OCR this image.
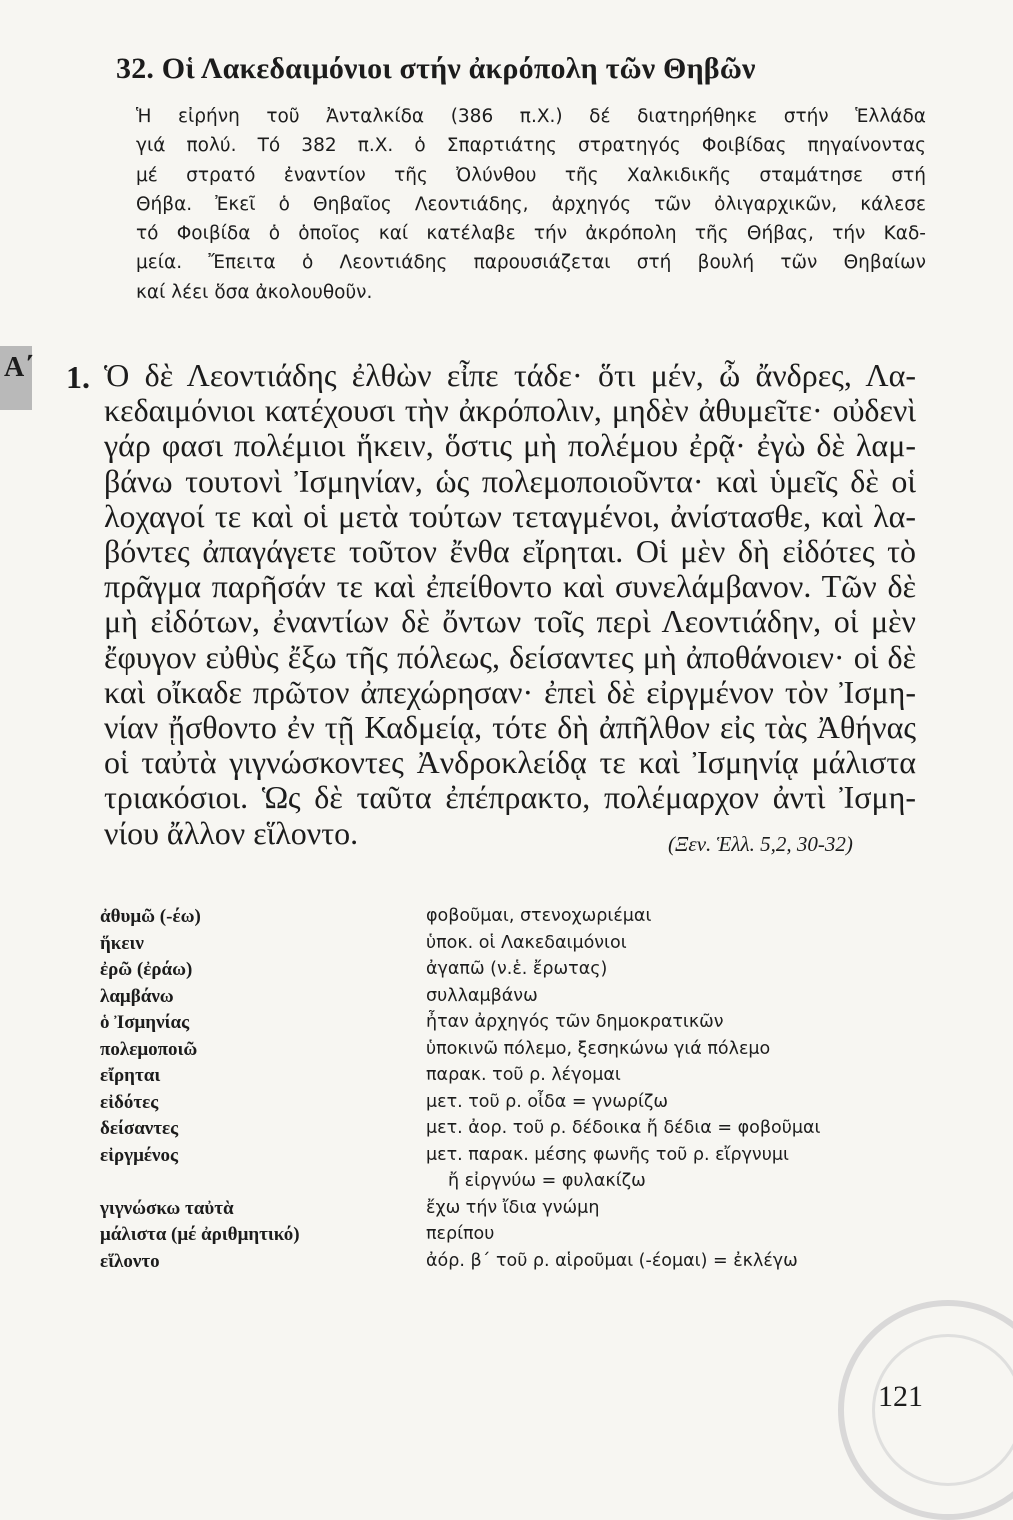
32. Οἱ Λακεδαιμόνιοι στήν ἀκρόπολη τῶν Θηβῶν
Ἡ εἰρήνη τοῦ Ἀνταλκίδα (386 π.Χ.) δέ διατηρήθηκε στήν Ἑλλάδα
γιά πολύ. Τό 382 π.Χ. ὁ Σπαρτιάτης στρατηγός Φοιβίδας πηγαίνοντας
μέ στρατό ἐναντίον τῆς Ὀλύνθου τῆς Χαλκιδικῆς σταμάτησε στή
Θήβα. Ἐκεῖ ὁ Θηβαῖος Λεοντιάδης, ἀρχηγός τῶν ὀλιγαρχικῶν, κάλεσε
τό Φοιβίδα ὁ ὁποῖος καί κατέλαβε τήν ἀκρόπολη τῆς Θήβας, τήν Καδ-
μεία. Ἔπειτα ὁ Λεοντιάδης παρουσιάζεται στή βουλή τῶν Θηβαίων
καί λέει ὅσα ἀκολουθοῦν.
Α΄ 1. Ὁ δὲ Λεοντιάδης ἐλθὼν εἶπε τάδε· ὅτι μέν, ὦ ἄνδρες, Λα-
κεδαιμόνιοι κατέχουσι τὴν ἀκρόπολιν, μηδὲν ἀθυμεῖτε· οὐδενὶ
γάρ φασι πολέμιοι ἥκειν, ὅστις μὴ πολέμου ἐρᾷ· ἐγὼ δὲ λαμ-
βάνω τουτονὶ Ἰσμηνίαν, ὡς πολεμοποιοῦντα· καὶ ὑμεῖς δὲ οἱ
λοχαγοί τε καὶ οἱ μετὰ τούτων τεταγμένοι, ἀνίστασθε, καὶ λα-
βόντες ἀπαγάγετε τοῦτον ἔνθα εἴρηται. Οἱ μὲν δὴ εἰδότες τὸ
πρᾶγμα παρῆσάν τε καὶ ἐπείθοντο καὶ συνελάμβανον. Τῶν δὲ
μὴ εἰδότων, ἐναντίων δὲ ὄντων τοῖς περὶ Λεοντιάδην, οἱ μὲν
ἔφυγον εὐθὺς ἔξω τῆς πόλεως, δείσαντες μὴ ἀποθάνοιεν· οἱ δὲ
καὶ οἴκαδε πρῶτον ἀπεχώρησαν· ἐπεὶ δὲ εἰργμένον τὸν Ἰσμη-
νίαν ᾔσθοντο ἐν τῇ Καδμείᾳ, τότε δὴ ἀπῆλθον εἰς τὰς Ἀθήνας
οἱ ταὐτὰ γιγνώσκοντες Ἀνδροκλείδᾳ τε καὶ Ἰσμηνίᾳ μάλιστα
τριακόσιοι. Ὡς δὲ ταῦτα ἐπέπρακτο, πολέμαρχον ἀντὶ Ἰσμη-
νίου ἄλλον εἵλοντο.	(Ξεν. Ἑλλ. 5,2, 30-32)
ἀθυμῶ (-έω)	φοβοῦμαι, στενοχωριέμαι
ἥκειν	ὑποκ. οἱ Λακεδαιμόνιοι
ἐρῶ (ἐράω)	ἀγαπῶ (ν.ἑ. ἔρωτας)
λαμβάνω	συλλαμβάνω
ὁ Ἰσμηνίας	ἦταν ἀρχηγός τῶν δημοκρατικῶν
πολεμοποιῶ	ὑποκινῶ πόλεμο, ξεσηκώνω γιά πόλεμο
εἴρηται	παρακ. τοῦ ρ. λέγομαι
εἰδότες	μετ. τοῦ ρ. οἶδα = γνωρίζω
δείσαντες	μετ. ἀορ. τοῦ ρ. δέδοικα ἤ δέδια = φοβοῦμαι
εἰργμένος	μετ. παρακ. μέσης φωνῆς τοῦ ρ. εἴργνυμι
ἤ εἰργνύω = φυλακίζω
γιγνώσκω ταὐτὰ	ἔχω τήν ἴδια γνώμη
μάλιστα (μέ ἀριθμητικό)	περίπου
εἵλοντο	ἀόρ. β΄ τοῦ ρ. αἱροῦμαι (-έομαι) = ἐκλέγω
121
